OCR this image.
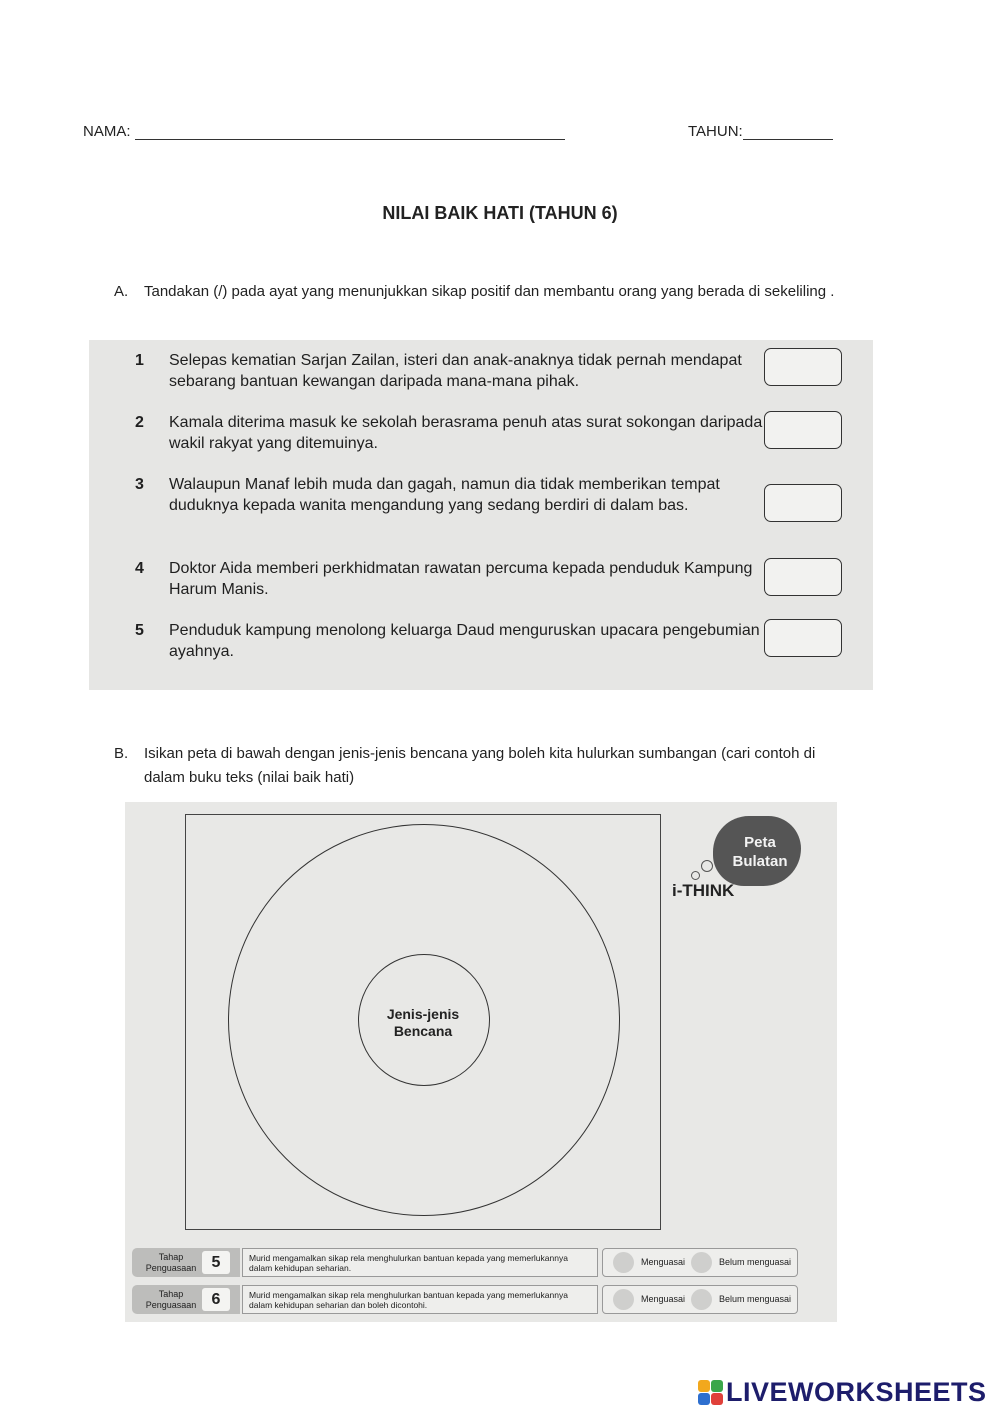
NAMA:	TAHUN:
NILAI BAIK HATI (TAHUN 6)
A. Tandakan (/) pada ayat yang menunjukkan sikap positif dan membantu orang yang berada di sekeliling .
1 Selepas kematian Sarjan Zailan, isteri dan anak-anaknya tidak pernah mendapat sebarang bantuan kewangan daripada mana-mana pihak.
2 Kamala diterima masuk ke sekolah berasrama penuh atas surat sokongan daripada wakil rakyat yang ditemuinya.
3 Walaupun Manaf lebih muda dan gagah, namun dia tidak memberikan tempat duduknya kepada wanita mengandung yang sedang berdiri di dalam bas.
4 Doktor Aida memberi perkhidmatan rawatan percuma kepada penduduk Kampung Harum Manis.
5 Penduduk kampung menolong keluarga Daud menguruskan upacara pengebumian ayahnya.
B. Isikan peta di bawah dengan jenis-jenis bencana yang boleh kita hulurkan sumbangan (cari contoh di dalam buku teks (nilai baik hati)
Jenis-jenis
Bencana
Peta
Bulatan
i-THINK
Tahap
Penguasaan 5	Murid mengamalkan sikap rela menghulurkan bantuan kepada yang memerlukannya dalam kehidupan seharian.
Menguasai	Belum menguasai
Tahap
Penguasaan 6	Murid mengamalkan sikap rela menghulurkan bantuan kepada yang memerlukannya dalam kehidupan seharian dan boleh dicontohi.
Menguasai	Belum menguasai
LIVEWORKSHEETS
